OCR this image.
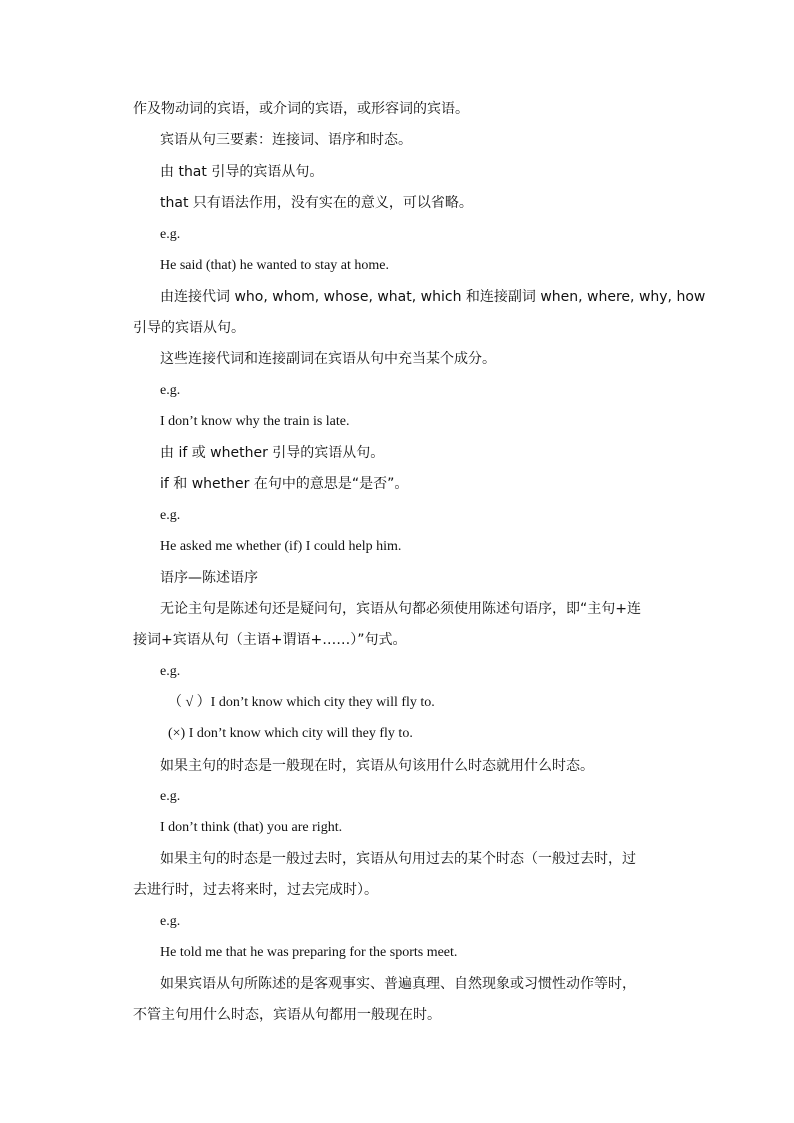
作及物动词的宾语，或介词的宾语，或形容词的宾语。
宾语从句三要素：连接词、语序和时态。
由 that 引导的宾语从句。
that 只有语法作用，没有实在的意义，可以省略。
e.g.
He said (that) he wanted to stay at home.
由连接代词 who, whom, whose, what, which 和连接副词 when, where, why, how
引导的宾语从句。
这些连接代词和连接副词在宾语从句中充当某个成分。
e.g.
I don’t know why the train is late.
由 if 或 whether 引导的宾语从句。
if 和 whether 在句中的意思是“是否”。
e.g.
He asked me whether (if) I could help him.
语序—陈述语序
无论主句是陈述句还是疑问句，宾语从句都必须使用陈述句语序，即“主句+连
接词+宾语从句（主语+谓语+……）”句式。
e.g.
（ √ ）I don’t know which city they will fly to.
(×) I don’t know which city will they fly to.
如果主句的时态是一般现在时，宾语从句该用什么时态就用什么时态。
e.g.
I don’t think (that) you are right.
如果主句的时态是一般过去时，宾语从句用过去的某个时态（一般过去时，过
去进行时，过去将来时，过去完成时）。
e.g.
He told me that he was preparing for the sports meet.
如果宾语从句所陈述的是客观事实、普遍真理、自然现象或习惯性动作等时，
不管主句用什么时态，宾语从句都用一般现在时。
